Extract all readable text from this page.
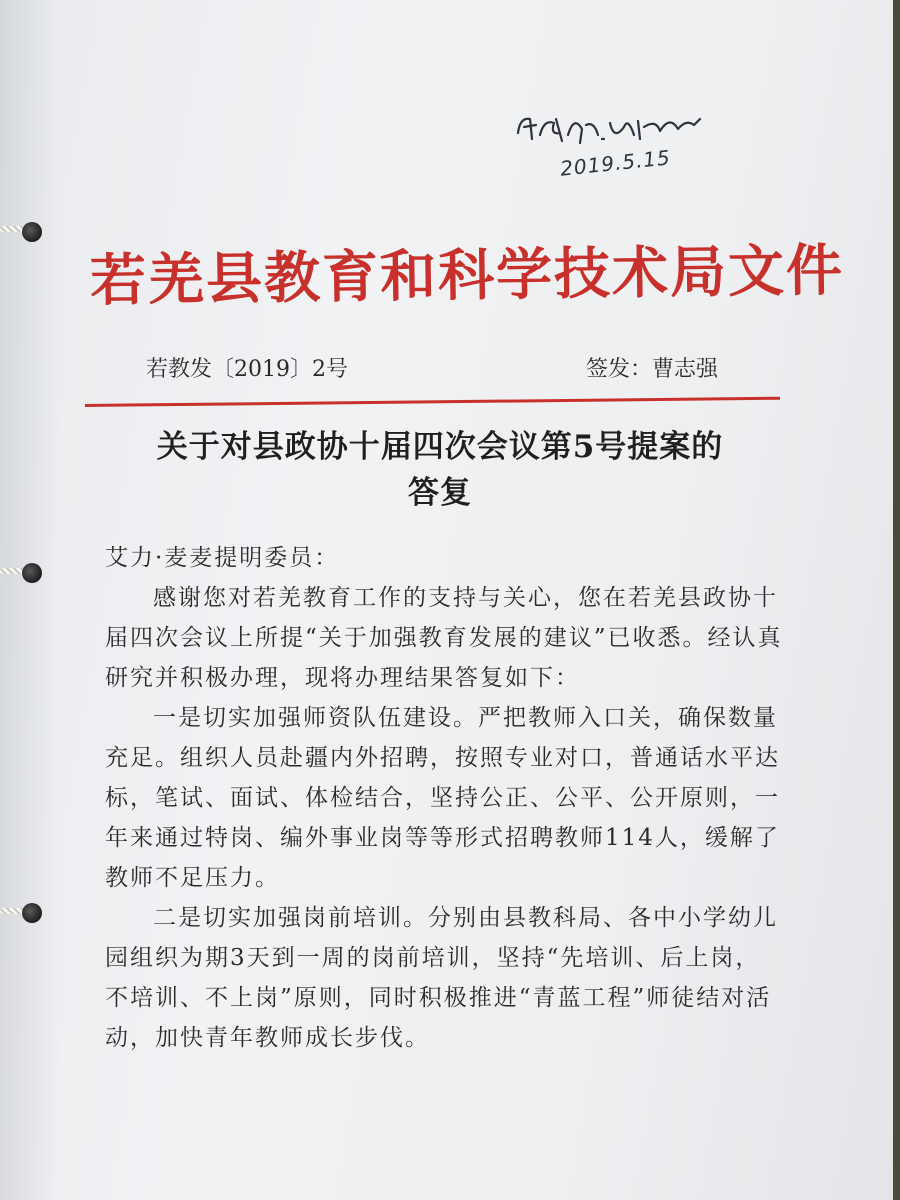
2019.5.15
若羌县教育和科学技术局文件
若教发〔2019〕2号	签发：曹志强
关于对县政协十届四次会议第5号提案的
答复

艾力·麦麦提明委员：

感谢您对若羌教育工作的支持与关心，您在若羌县政协十届四次会议上所提“关于加强教育发展的建议”已收悉。经认真研究并积极办理，现将办理结果答复如下：

一是切实加强师资队伍建设。严把教师入口关，确保数量充足。组织人员赴疆内外招聘，按照专业对口，普通话水平达标，笔试、面试、体检结合，坚持公正、公平、公开原则，一年来通过特岗、编外事业岗等等形式招聘教师114人，缓解了教师不足压力。

二是切实加强岗前培训。分别由县教科局、各中小学幼儿园组织为期3天到一周的岗前培训，坚持“先培训、后上岗，不培训、不上岗”原则，同时积极推进“青蓝工程”师徒结对活动，加快青年教师成长步伐。
